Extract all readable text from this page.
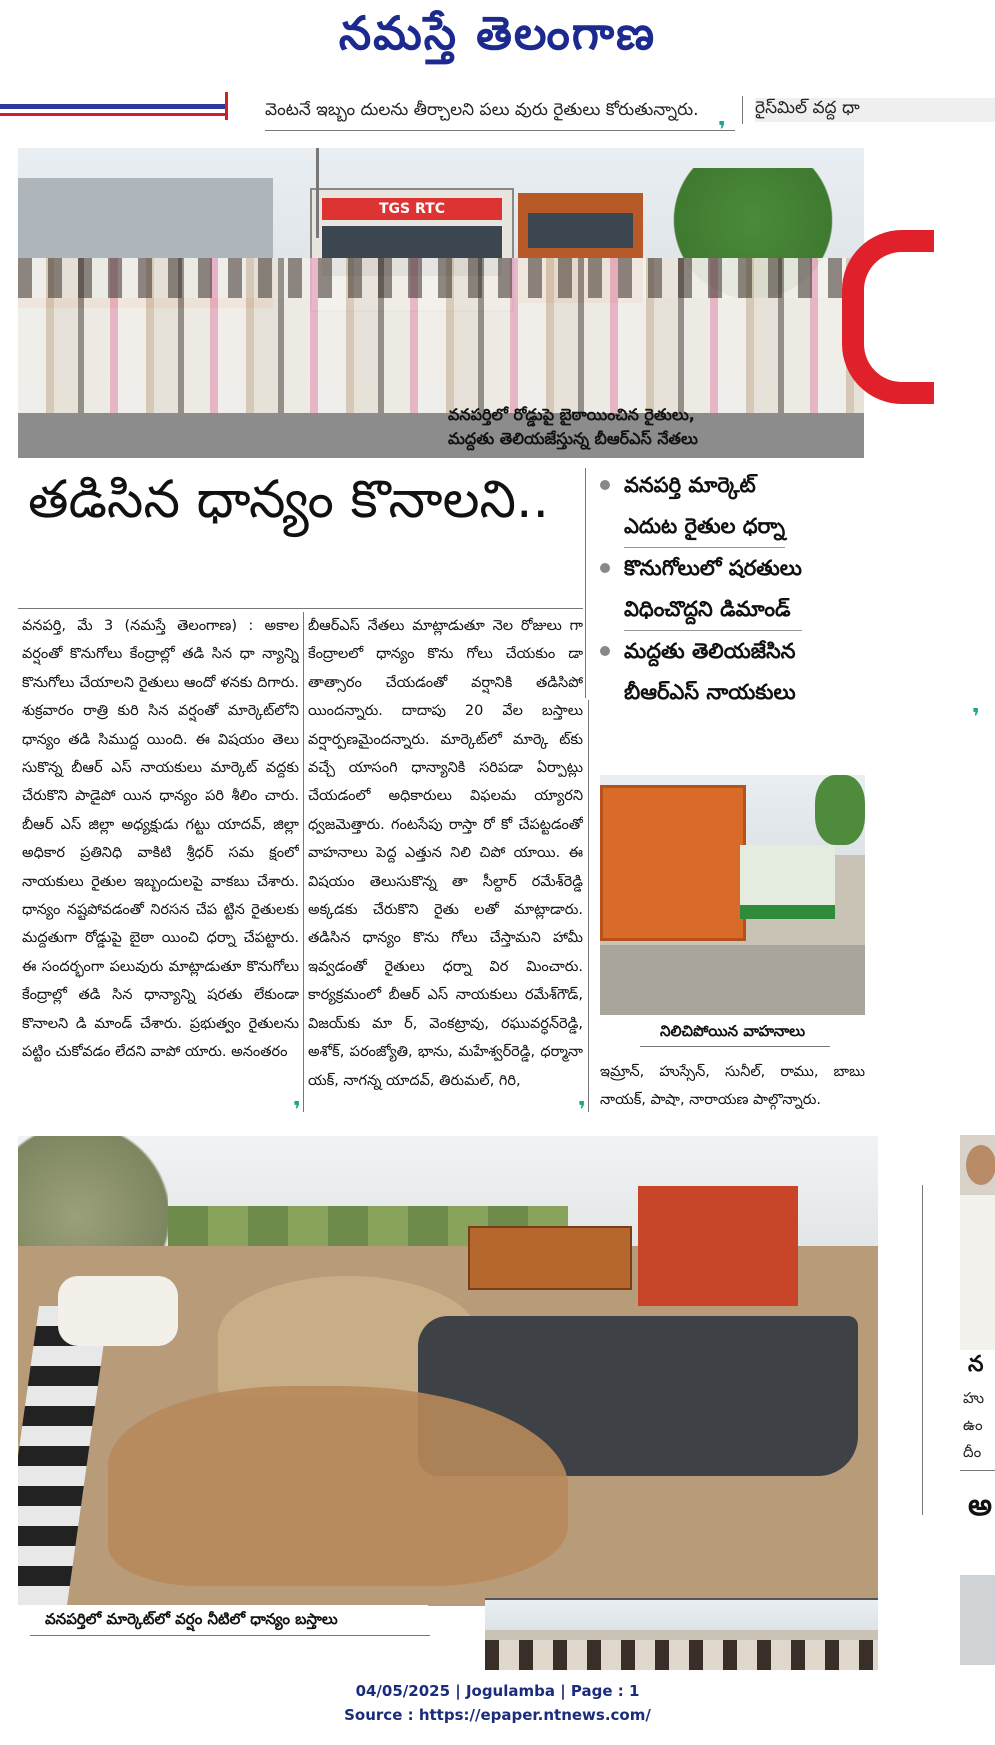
నమస్తే తెలంగాణ
వెంటనే ఇబ్బం దులను తీర్చాలని పలు వురు రైతులు కోరుతున్నారు.	రైస్‌మిల్ వద్ద ధా
TGS RTC
వనపర్తిలో రోడ్డుపై బైఠాయించిన రైతులు,
మద్దతు తెలియజేస్తున్న బీఆర్‌ఎస్ నేతలు
తడిసిన ధాన్యం కొనాలని..	వనపర్తి మార్కెట్
ఎదుట రైతుల ధర్నా
కొనుగోలులో షరతులు
విధించొద్దని డిమాండ్
మద్దతు తెలియజేసిన
బీఆర్‌ఎస్ నాయకులు
❜

వనపర్తి, మే 3 (నమస్తే తెలంగాణ) : అకాల వర్షంతో కొనుగోలు కేంద్రాల్లో తడి సిన ధా న్యాన్ని కొనుగోలు చేయాలని రైతులు ఆందో ళనకు దిగారు. శుక్రవారం రాత్రి కురి సిన వర్షంతో మార్కెట్‌లోని ధాన్యం తడి సిముద్ద యింది. ఈ విషయం తెలు సుకొన్న బీఆర్ ఎస్ నాయకులు మార్కెట్ వద్దకు చేరుకొని పాడైపో యిన ధాన్యం పరి శీలిం చారు. బీఆర్ ఎస్ జిల్లా అధ్యక్షుడు గట్టు యాదవ్, జిల్లా అధికార ప్రతినిధి వాకిటి శ్రీధర్ సమ క్షంలో నాయకులు రైతుల ఇబ్బందులపై వాకబు చేశారు. ధాన్యం నష్టపోవడంతో నిరసన చేప ట్టిన రైతులకు మద్దతుగా రోడ్డుపై బైఠా యించి ధర్నా చేపట్టారు. ఈ సందర్భంగా పలువురు మాట్లాడుతూ కొనుగోలు కేంద్రాల్లో తడి సిన ధాన్యాన్ని షరతు లేకుండా కొనాలని డి మాండ్ చేశారు. ప్రభుత్వం రైతులను పట్టిం చుకోవడం లేదని వాపో యారు. అనంతరం

బీఆర్‌ఎస్ నేతలు మాట్లాడుతూ నెల రోజులు గా కేంద్రాలలో ధాన్యం కొను గోలు చేయకుం డా తాత్సారం చేయడంతో వర్షానికి తడిసిపో యిందన్నారు. దాదాపు 20 వేల బస్తాలు వర్షార్పణమైందన్నారు. మార్కెట్‌లో మార్కె ట్‌కు వచ్చే యాసంగి ధాన్యానికి సరిపడా ఏర్పాట్లు చేయడంలో అధికారులు విఫలమ య్యారని ధ్వజమెత్తారు. గంటసేపు రాస్తా రో కో చేపట్టడంతో వాహనాలు పెద్ద ఎత్తున నిలి చిపో యాయి. ఈ విషయం తెలుసుకొన్న తా సీల్దార్ రమేశ్‌రెడ్డి అక్కడకు చేరుకొని రైతు లతో మాట్లాడారు. తడిసిన ధాన్యం కొను గోలు చేస్తామని హామీ ఇవ్వడంతో రైతులు ధర్నా విర మించారు. కార్యక్రమంలో బీఆర్ ఎస్ నాయకులు రమేశ్‌గౌడ్, విజయ్‌కు మా ర్, వెంకట్రావు, రఘువర్ధన్‌రెడ్డి, అశోక్, పరంజ్యోతి, భాను, మహేశ్వర్‌రెడ్డి, ధర్మానా యక్, నాగన్న యాదవ్, తిరుమల్, గిరి,

❜	❜
నిలిచిపోయిన వాహనాలు

ఇమ్రాన్, హుస్సేన్, సునీల్, రాము, బాబు నాయక్, పాషా, నారాయణ పాల్గొన్నారు.

వనపర్తిలో మార్కెట్‌లో వర్షం నీటిలో ధాన్యం బస్తాలు
న
హు
ఉం
దీం
అ
04/05/2025 | Jogulamba | Page : 1
Source : https://epaper.ntnews.com/
